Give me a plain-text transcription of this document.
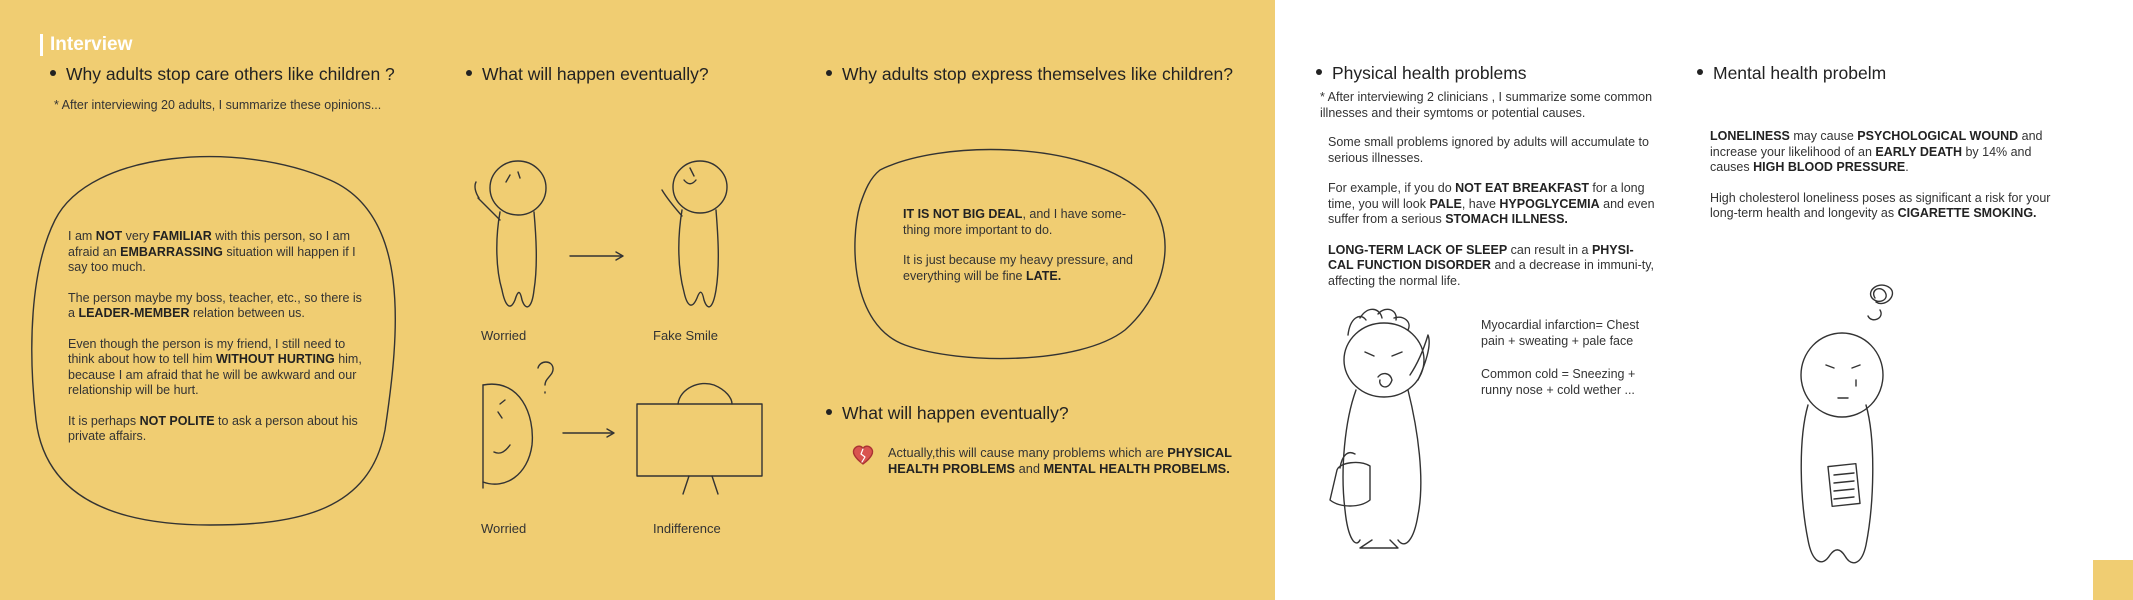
Interview
Why adults stop care others like children ?
* After interviewing 20 adults, I summarize these opinions...
What will happen eventually?
Worried	Fake Smile
Worried	Indifference
Why adults stop express themselves like children?
What will happen eventually?
Physical health problems
* After interviewing 2 clinicians , I summarize some common illnesses and their symtoms or potential causes.
Mental health probelm

I am NOT very FAMILIAR with this person, so I am afraid an EMBARRASSING situation will happen if I say too much.

The person maybe my boss, teacher, etc., so there is a LEADER-MEMBER relation between us.

Even though the person is my friend, I still need to think about how to tell him WITHOUT HURTING him, because I am afraid that he will be awkward and our relationship will be hurt.

It is perhaps NOT POLITE to ask a person about his private affairs.

IT IS NOT BIG DEAL, and I have some-thing more important to do.

It is just because my heavy pressure, and everything will be fine LATE.

Actually,this will cause many problems which are PHYSICAL HEALTH PROBLEMS and MENTAL HEALTH PROBELMS.

Some small problems ignored by adults will accumulate to serious illnesses.

For example, if you do NOT EAT BREAKFAST for a long time, you will look PALE, have HYPOGLYCEMIA and even suffer from a serious STOMACH ILLNESS.

LONG-TERM LACK OF SLEEP can result in a PHYSI-CAL FUNCTION DISORDER and a decrease in immuni-ty, affecting the normal life.

Myocardial infarction= Chest pain + sweating + pale face
Common cold = Sneezing + runny nose + cold wether ...

LONELINESS may cause PSYCHOLOGICAL WOUND and increase your likelihood of an EARLY DEATH by 14% and causes HIGH BLOOD PRESSURE.

High cholesterol loneliness poses as significant a risk for your long-term health and longevity as CIGARETTE SMOKING.
